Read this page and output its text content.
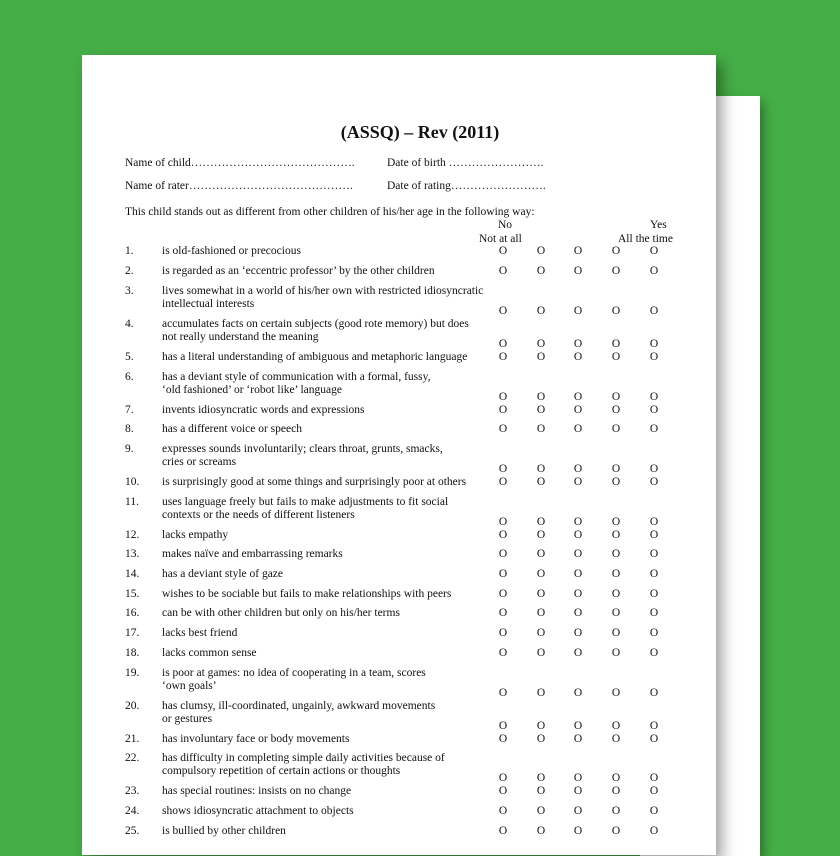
(ASSQ) – Rev (2011)
Name of child…………………………………….	Date of birth …………………….
Name of rater…………………………………….	Date of rating…………………….
This child stands out as different from other children of his/her age in the following way:
No
Not at all
Yes
All the time
1. is old-fashioned or precocious	O	O O	O	O
2. is regarded as an ‘eccentric professor’ by the other children	O	O O	O	O
3. lives somewhat in a world of his/her own with restricted idiosyncratic
intellectual interests
O	O O	O	O
4. accumulates facts on certain subjects (good rote memory) but does
not really understand the meaning
O	O O	O	O
5. has a literal understanding of ambiguous and metaphoric language	O	O O	O	O
6. has a deviant style of communication with a formal, fussy,
‘old fashioned’ or ‘robot like’ language
O	O O	O	O
7. invents idiosyncratic words and expressions	O	O O	O	O
8. has a different voice or speech	O	O O	O	O
9. expresses sounds involuntarily; clears throat, grunts, smacks,
cries or screams
O	O O	O	O
10. is surprisingly good at some things and surprisingly poor at others	O	O O	O	O
11. uses language freely but fails to make adjustments to fit social
contexts or the needs of different listeners
O	O O	O	O
12. lacks empathy	O	O O	O	O
13. makes naïve and embarrassing remarks	O	O O	O	O
14. has a deviant style of gaze	O	O O	O	O
15. wishes to be sociable but fails to make relationships with peers	O	O O	O	O
16. can be with other children but only on his/her terms	O	O O	O	O
17. lacks best friend	O	O O	O	O
18. lacks common sense	O	O O	O	O
19. is poor at games: no idea of cooperating in a team, scores
‘own goals’
O	O O	O	O
20. has clumsy, ill-coordinated, ungainly, awkward movements
or gestures
O	O O	O	O
21. has involuntary face or body movements	O	O O	O	O
22. has difficulty in completing simple daily activities because of
compulsory repetition of certain actions or thoughts
O	O O	O	O
23. has special routines: insists on no change	O	O O	O	O
24. shows idiosyncratic attachment to objects	O	O O	O	O
25. is bullied by other children	O	O O	O	O
